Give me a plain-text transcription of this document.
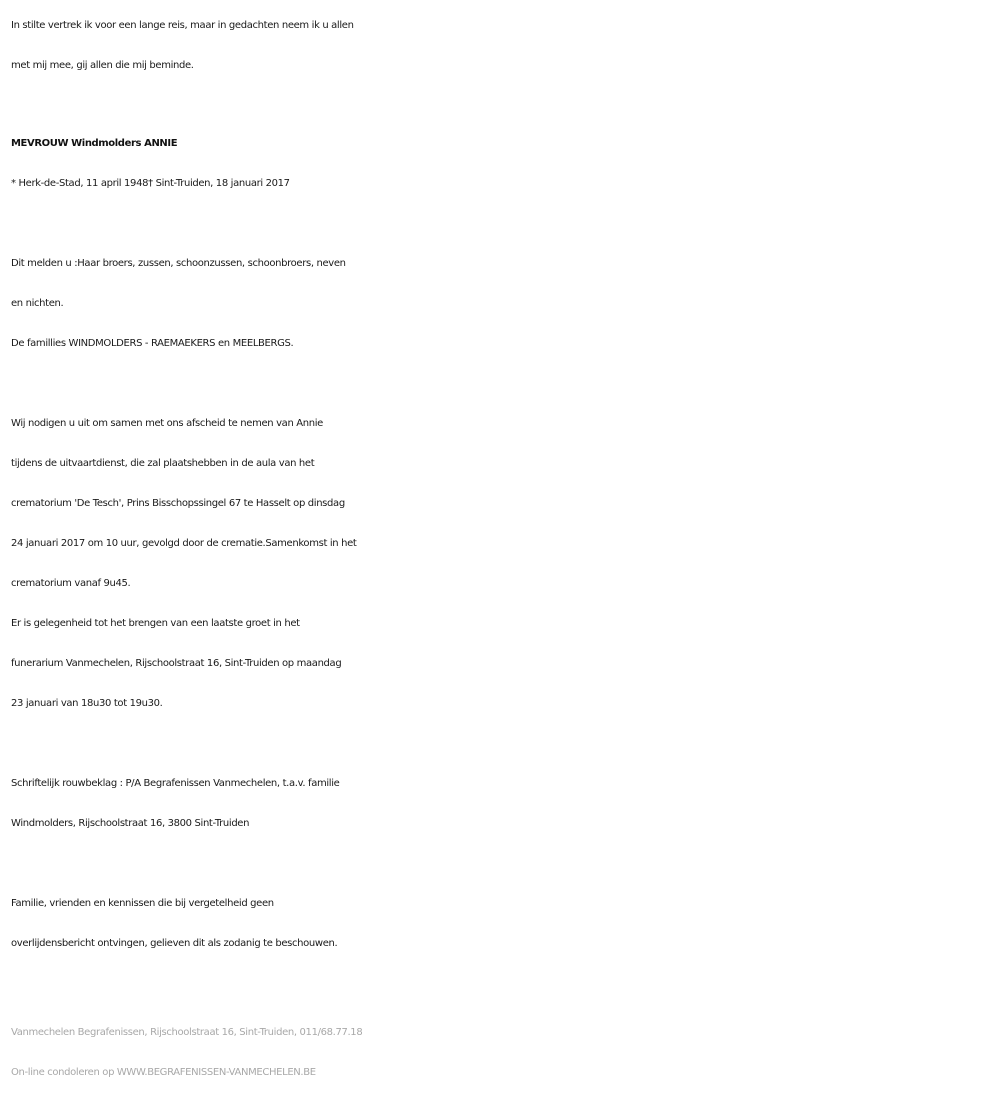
In stilte vertrek ik voor een lange reis, maar in gedachten neem ik u allen
met mij mee, gij allen die mij beminde.
MEVROUW Windmolders ANNIE
* Herk-de-Stad, 11 april 1948† Sint-Truiden, 18 januari 2017
Dit melden u :Haar broers, zussen, schoonzussen, schoonbroers, neven
en nichten.
De famillies WINDMOLDERS - RAEMAEKERS en MEELBERGS.
Wij nodigen u uit om samen met ons afscheid te nemen van Annie
tijdens de uitvaartdienst, die zal plaatshebben in de aula van het
crematorium 'De Tesch', Prins Bisschopssingel 67 te Hasselt op dinsdag
24 januari 2017 om 10 uur, gevolgd door de crematie.Samenkomst in het
crematorium vanaf 9u45.
Er is gelegenheid tot het brengen van een laatste groet in het
funerarium Vanmechelen, Rijschoolstraat 16, Sint-Truiden op maandag
23 januari van 18u30 tot 19u30.
Schriftelijk rouwbeklag : P/A Begrafenissen Vanmechelen, t.a.v. familie
Windmolders, Rijschoolstraat 16, 3800 Sint-Truiden
Familie, vrienden en kennissen die bij vergetelheid geen
overlijdensbericht ontvingen, gelieven dit als zodanig te beschouwen.
Vanmechelen Begrafenissen, Rijschoolstraat 16, Sint-Truiden, 011/68.77.18
On-line condoleren op WWW.BEGRAFENISSEN-VANMECHELEN.BE
